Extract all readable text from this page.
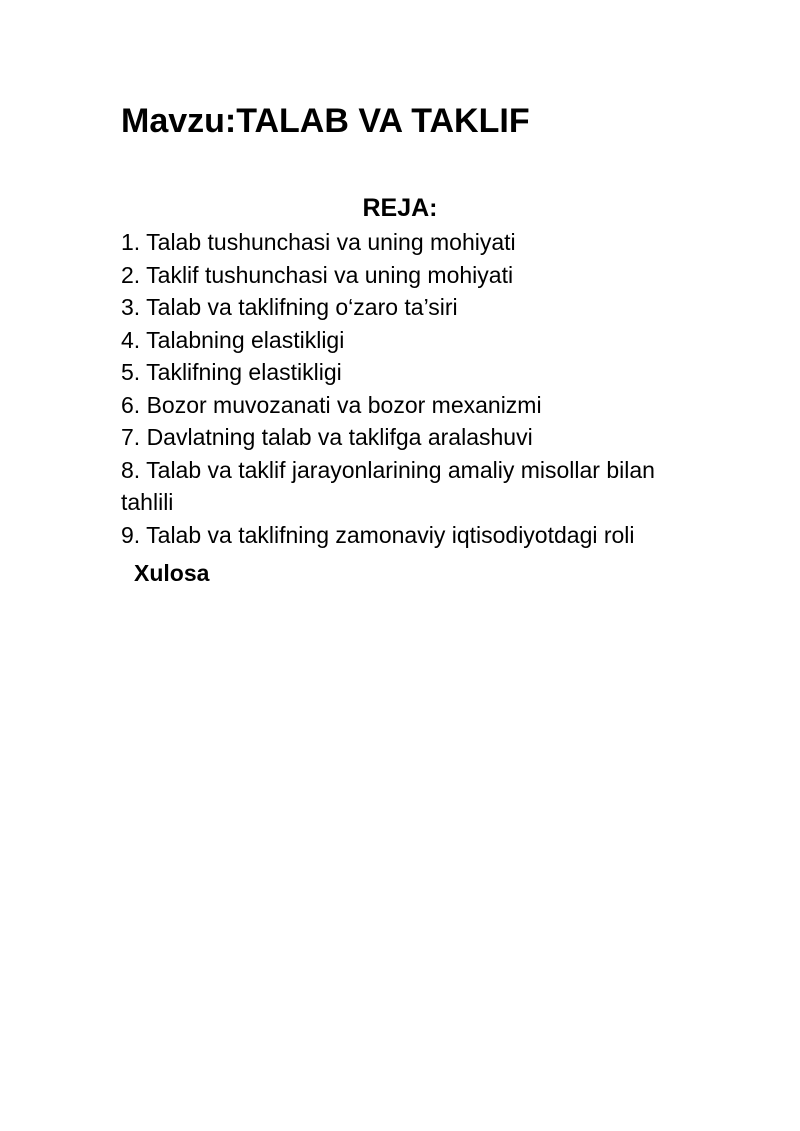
Mavzu:TALAB VA TAKLIF
REJA:
1. Talab tushunchasi va uning mohiyati
2. Taklif tushunchasi va uning mohiyati
3. Talab va taklifning o‘zaro ta’siri
4. Talabning elastikligi
5. Taklifning elastikligi
6. Bozor muvozanati va bozor mexanizmi
7. Davlatning talab va taklifga aralashuvi
8. Talab va taklif jarayonlarining amaliy misollar bilan tahlili
9. Talab va taklifning zamonaviy iqtisodiyotdagi roli
Xulosa
